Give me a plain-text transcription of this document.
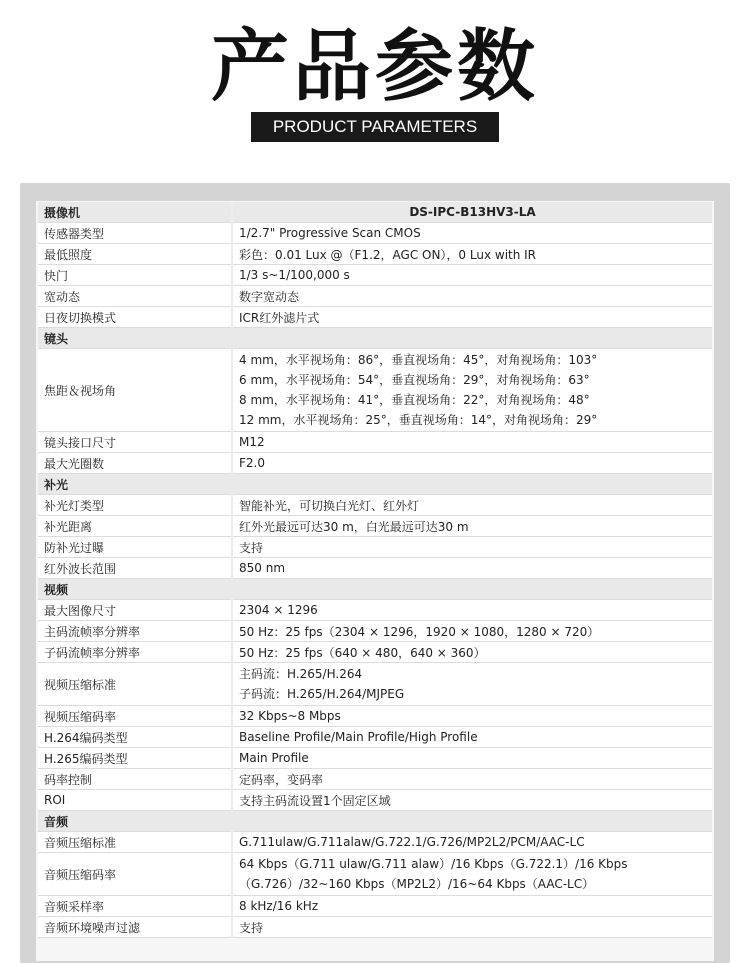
产品参数
PRODUCT PARAMETERS
摄像机	DS-IPC-B13HV3-LA
传感器类型	1/2.7" Progressive Scan CMOS
最低照度	彩色：0.01 Lux @（F1.2，AGC ON），0 Lux with IR
快门	1/3 s~1/100,000 s
宽动态	数字宽动态
日夜切换模式	ICR红外滤片式
镜头	
焦距＆视场角	4 mm，水平视场角：86°，垂直视场角：45°，对角视场角：103°
6 mm，水平视场角：54°，垂直视场角：29°，对角视场角：63°
8 mm，水平视场角：41°，垂直视场角：22°，对角视场角：48°
12 mm，水平视场角：25°，垂直视场角：14°，对角视场角：29°

镜头接口尺寸	M12
最大光圈数	F2.0
补光	
补光灯类型	智能补光，可切换白光灯、红外灯
补光距离	红外光最远可达30 m，白光最远可达30 m
防补光过曝	支持
红外波长范围	850 nm
视频	
最大图像尺寸	2304 × 1296
主码流帧率分辨率	50 Hz：25 fps（2304 × 1296，1920 × 1080，1280 × 720）
子码流帧率分辨率	50 Hz：25 fps（640 × 480，640 × 360）
视频压缩标准	主码流：H.265/H.264
子码流：H.265/H.264/MJPEG

视频压缩码率	32 Kbps~8 Mbps
H.264编码类型	Baseline Profile/Main Profile/High Profile
H.265编码类型	Main Profile
码率控制	定码率，变码率
ROI	支持主码流设置1个固定区域
音频	
音频压缩标准	G.711ulaw/G.711alaw/G.722.1/G.726/MP2L2/PCM/AAC-LC
音频压缩码率	64 Kbps（G.711 ulaw/G.711 alaw）/16 Kbps（G.722.1）/16 Kbps（G.726）/32~160 Kbps（MP2L2）/16~64 Kbps（AAC-LC）
音频采样率	8 kHz/16 kHz
音频环境噪声过滤	支持
